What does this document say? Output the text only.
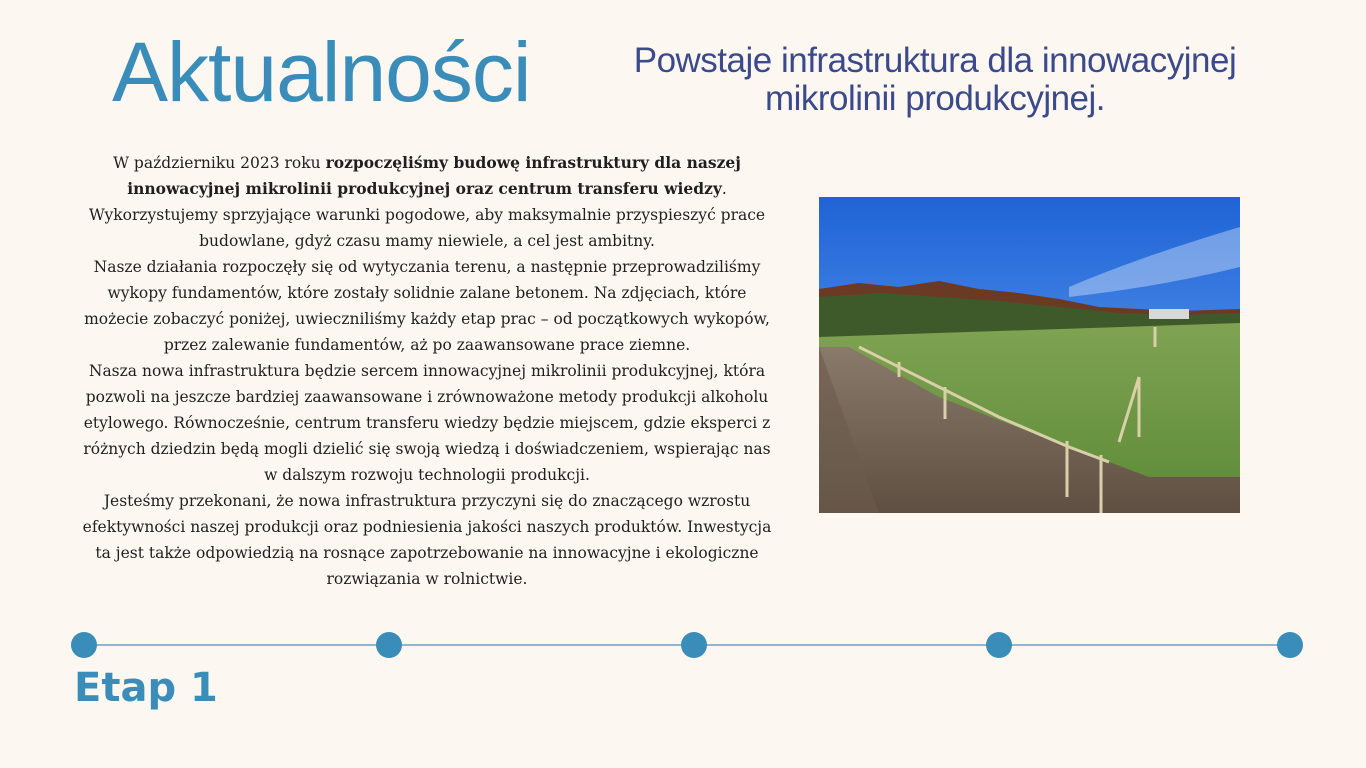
Aktualności	Powstaje infrastruktura dla innowacyjnej
mikrolinii produkcyjnej.

W październiku 2023 roku rozpoczęliśmy budowę infrastruktury dla naszej innowacyjnej mikrolinii produkcyjnej oraz centrum transferu wiedzy. Wykorzystujemy sprzyjające warunki pogodowe, aby maksymalnie przyspieszyć prace budowlane, gdyż czasu mamy niewiele, a cel jest ambitny.

Nasze działania rozpoczęły się od wytyczania terenu, a następnie przeprowadziliśmy wykopy fundamentów, które zostały solidnie zalane betonem. Na zdjęciach, które możecie zobaczyć poniżej, uwieczniliśmy każdy etap prac – od początkowych wykopów, przez zalewanie fundamentów, aż po zaawansowane prace ziemne.

Nasza nowa infrastruktura będzie sercem innowacyjnej mikrolinii produkcyjnej, która pozwoli na jeszcze bardziej zaawansowane i zrównoważone metody produkcji alkoholu etylowego. Równocześnie, centrum transferu wiedzy będzie miejscem, gdzie eksperci z różnych dziedzin będą mogli dzielić się swoją wiedzą i doświadczeniem, wspierając nas w dalszym rozwoju technologii produkcji.

Jesteśmy przekonani, że nowa infrastruktura przyczyni się do znaczącego wzrostu efektywności naszej produkcji oraz podniesienia jakości naszych produktów. Inwestycja ta jest także odpowiedzią na rosnące zapotrzebowanie na innowacyjne i ekologiczne rozwiązania w rolnictwie.

Etap 1
